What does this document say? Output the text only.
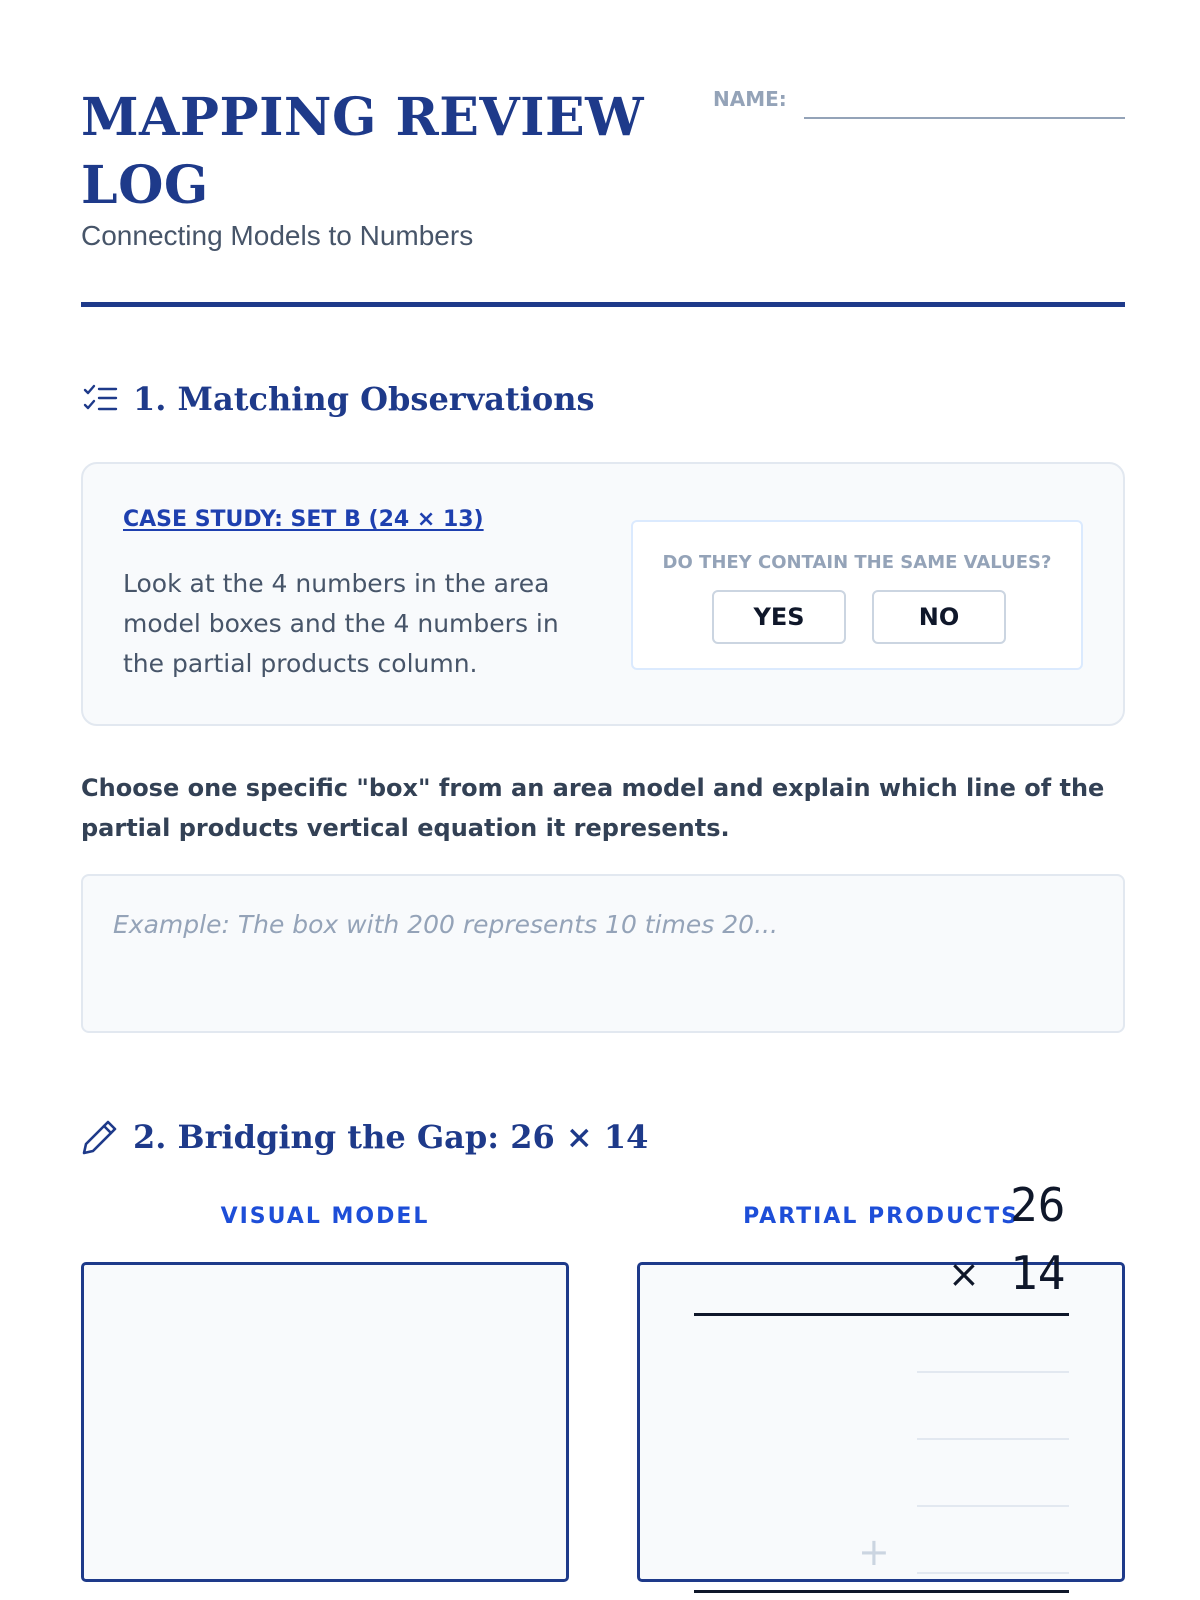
MAPPING REVIEW LOG
Connecting Models to Numbers
NAME:
1. Matching Observations
CASE STUDY: SET B (24 × 13)
Look at the 4 numbers in the area model boxes and the 4 numbers in the partial products column.
DO THEY CONTAIN THE SAME VALUES?
YES	NO
Choose one specific "box" from an area model and explain which line of the partial products vertical equation it represents.
Example: The box with 200 represents 10 times 20...
2. Bridging the Gap: 26 × 14
VISUAL MODEL	PARTIAL PRODUCTS
26
× 14
+
